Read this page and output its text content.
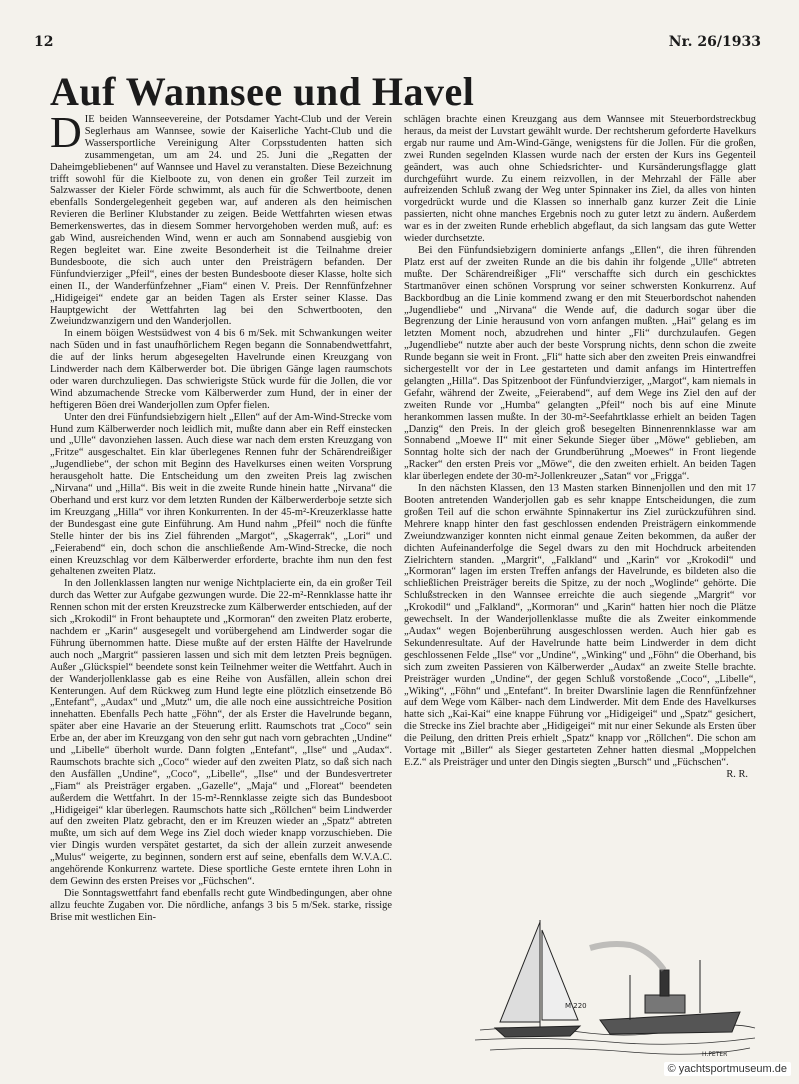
12	Nr. 26/1933
Auf Wannsee und Havel
D IE beiden Wannseevereine, der Potsdamer Yacht-Club und der Verein Seglerhaus am Wannsee, sowie der Kaiserliche Yacht-Club und die Wassersportliche Vereinigung Alter Corpsstudenten hatten sich zusammengetan, um am 24. und 25. Juni die „Regatten der Daheimgebliebenen“ auf Wannsee und Havel zu veranstalten. Diese Bezeichnung trifft sowohl für die Kielboote zu, von denen ein großer Teil zurzeit im Salzwasser der Kieler Förde schwimmt, als auch für die Schwertboote, denen ebenfalls Sondergelegenheit gegeben war, auf anderen als den heimischen Revieren die Berliner Klubstander zu zeigen. Beide Wettfahrten wiesen etwas Bemerkenswertes, das in diesem Sommer hervorgehoben werden muß, auf: es gab Wind, ausreichenden Wind, wenn er auch am Sonnabend ausgiebig von Regen begleitet war. Eine zweite Besonderheit ist die Teilnahme dreier Bundesboote, die sich auch unter den Preisträgern befanden. Der Fünfundvierziger „Pfeil“, eines der besten Bundesboote dieser Klasse, holte sich einen II., der Wanderfünfzehner „Fiam“ einen V. Preis. Der Rennfünfzehner „Hidigeigei“ endete gar an beiden Tagen als Erster seiner Klasse. Das Hauptgewicht der Wettfahrten lag bei den Schwertbooten, den Zweiundzwanzigern und den Wanderjollen.

In einem böigen Westsüdwest von 4 bis 6 m/Sek. mit Schwankungen weiter nach Süden und in fast unaufhörlichem Regen begann die Sonnabendwettfahrt, die auf der links herum abgesegelten Havelrunde einen Kreuzgang von Lindwerder nach dem Kälberwerder bot. Die übrigen Gänge lagen raumschots oder waren durchzuliegen. Das schwierigste Stück wurde für die Jollen, die vor Wind abzumachende Strecke vom Kälberwerder zum Hund, der in einer der heftigeren Böen drei Wanderjollen zum Opfer fielen.

Unter den drei Fünfundsiebzigern hielt „Ellen“ auf der Am-Wind-Strecke vom Hund zum Kälberwerder noch leidlich mit, mußte dann aber ein Reff einstecken und „Ulle“ davonziehen lassen. Auch diese war nach dem ersten Kreuzgang von „Fritze“ ausgeschaltet. Ein klar überlegenes Rennen fuhr der Schärendreißiger „Jugendliebe“, der schon mit Beginn des Havelkurses einen weiten Vorsprung herausgeholt hatte. Die Entscheidung um den zweiten Preis lag zwischen „Nirvana“ und „Hilla“. Bis weit in die zweite Runde hinein hatte „Nirvana“ die Oberhand und erst kurz vor dem letzten Runden der Kälberwerderboje setzte sich im Kreuzgang „Hilla“ vor ihren Konkurrenten. In der 45-m²-Kreuzerklasse hatte der Bundesgast eine gute Einführung. Am Hund nahm „Pfeil“ noch die fünfte Stelle hinter der bis ins Ziel führenden „Margot“, „Skagerrak“, „Lori“ und „Feierabend“ ein, doch schon die anschließende Am-Wind-Strecke, die noch einen Kreuzschlag vor dem Kälberwerder erforderte, brachte ihm nun den fest gehaltenen zweiten Platz.

In den Jollenklassen langten nur wenige Nichtplacierte ein, da ein großer Teil durch das Wetter zur Aufgabe gezwungen wurde. Die 22-m²-Rennklasse hatte ihr Rennen schon mit der ersten Kreuzstrecke zum Kälberwerder entschieden, auf der sich „Krokodil“ in Front behauptete und „Kormoran“ den zweiten Platz eroberte, nachdem er „Karin“ ausgesegelt und vorübergehend am Lindwerder sogar die Führung übernommen hatte. Diese mußte auf der ersten Hälfte der Havelrunde auch noch „Margrit“ passieren lassen und sich mit dem letzten Preis begnügen. Außer „Glückspiel“ beendete sonst kein Teilnehmer weiter die Wettfahrt. Auch in der Wanderjollenklasse gab es eine Reihe von Ausfällen, allein schon drei Kenterungen. Auf dem Rückweg zum Hund legte eine plötzlich einsetzende Bö „Entefant“, „Audax“ und „Mutz“ um, die alle noch eine aussichtreiche Position innehatten. Ebenfalls Pech hatte „Föhn“, der als Erster die Havelrunde begann, später aber eine Havarie an der Steuerung erlitt. Raumschots trat „Coco“ sein Erbe an, der aber im Kreuzgang von den sehr gut nach vorn gebrachten „Undine“ und „Libelle“ überholt wurde. Dann folgten „Entefant“, „Ilse“ und „Audax“. Raumschots brachte sich „Coco“ wieder auf den zweiten Platz, so daß sich nach den Ausfällen „Undine“, „Coco“, „Libelle“, „Ilse“ und der Bundesvertreter „Fiam“ als Preisträger ergaben. „Gazelle“, „Maja“ und „Floreat“ beendeten außerdem die Wettfahrt. In der 15-m²-Rennklasse zeigte sich das Bundesboot „Hidigeigei“ klar überlegen. Raumschots hatte sich „Röllchen“ beim Lindwerder auf den zweiten Platz gebracht, den er im Kreuzen wieder an „Spatz“ abtreten mußte, um sich auf dem Wege ins Ziel doch wieder knapp vorzuschieben. Die vier Dingis wurden verspätet gestartet, da sich der allein zurzeit anwesende „Mulus“ weigerte, zu beginnen, sondern erst auf seine, ebenfalls dem W.V.A.C. angehörende Konkurrenz wartete. Diese sportliche Geste erntete ihren Lohn in dem Gewinn des ersten Preises vor „Füchschen“.

Die Sonntagswettfahrt fand ebenfalls recht gute Windbedingungen, aber ohne allzu feuchte Zugaben vor. Die nördliche, anfangs 3 bis 5 m/Sek. starke, rissige Brise mit westlichen Ein-

schlägen brachte einen Kreuzgang aus dem Wannsee mit Steuerbordstreckbug heraus, da meist der Luvstart gewählt wurde. Der rechtsherum geforderte Havelkurs ergab nur raume und Am-Wind-Gänge, wenigstens für die Jollen. Für die großen, zwei Runden segelnden Klassen wurde nach der ersten der Kurs ins Gegenteil geändert, was auch ohne Schiedsrichter- und Kursänderungsflagge glatt durchgeführt wurde. Zu einem reizvollen, in der Mehrzahl der Fälle aber aufreizenden Schluß zwang der Weg unter Spinnaker ins Ziel, da alles von hinten vorgedrückt wurde und die Klassen so innerhalb ganz kurzer Zeit die Linie passierten, nicht ohne manches Ergebnis noch zu guter letzt zu ändern. Außerdem war es in der zweiten Runde erheblich abgeflaut, da sich langsam das gute Wetter wieder durchsetzte.

Bei den Fünfundsiebzigern dominierte anfangs „Ellen“, die ihren führenden Platz erst auf der zweiten Runde an die bis dahin ihr folgende „Ulle“ abtreten mußte. Der Schärendreißiger „Fli“ verschaffte sich durch ein geschicktes Startmanöver einen schönen Vorsprung vor seiner schwersten Konkurrenz. Auf Backbordbug an die Linie kommend zwang er den mit Steuerbordschot nahenden „Jugendliebe“ und „Nirvana“ die Wende auf, die dadurch sogar über die Begrenzung der Linie herausund von vorn anfangen mußten. „Hai“ gelang es im letzten Moment noch, abzudrehen und hinter „Fli“ durchzulaufen. Gegen „Jugendliebe“ nutzte aber auch der beste Vorsprung nichts, denn schon die zweite Runde begann sie weit in Front. „Fli“ hatte sich aber den zweiten Preis einwandfrei sichergestellt vor der in Lee gestarteten und damit anfangs im Hintertreffen gelangten „Hilla“. Das Spitzenboot der Fünfundvierziger, „Margot“, kam niemals in Gefahr, während der Zweite, „Feierabend“, auf dem Wege ins Ziel den auf der zweiten Runde vor „Humba“ gelangten „Pfeil“ noch bis auf eine Minute herankommen lassen mußte. In der 30-m²-Seefahrtklasse erhielt an beiden Tagen „Danzig“ den Preis. In der gleich groß besegelten Binnenrennklasse war am Sonnabend „Moewe II“ mit einer Sekunde Sieger über „Möwe“ geblieben, am Sonntag holte sich der nach der Grundberührung „Moewes“ in Front liegende „Racker“ den ersten Preis vor „Möwe“, die den zweiten erhielt. An beiden Tagen klar überlegen endete der 30-m²-Jollenkreuzer „Satan“ vor „Frigga“.

In den nächsten Klassen, den 13 Masten starken Binnenjollen und den mit 17 Booten antretenden Wanderjollen gab es sehr knappe Entscheidungen, die zum großen Teil auf die schon erwähnte Spinnakertur ins Ziel zurückzuführen sind. Mehrere knapp hinter den fast geschlossen endenden Preisträgern einkommende Zweiundzwanziger konnten nicht einmal genaue Zeiten bekommen, da außer der dichten Aufeinanderfolge die Segel dwars zu den mit Hochdruck arbeitenden Zielrichtern standen. „Margrit“, „Falkland“ und „Karin“ vor „Krokodil“ und „Kormoran“ lagen im ersten Treffen anfangs der Havelrunde, es bildeten also die schließlichen Preisträger bereits die Spitze, zu der noch „Woglinde“ gehörte. Die Schlußstrecken in den Wannsee erreichte die auch siegende „Margrit“ vor „Krokodil“ und „Falkland“, „Kormoran“ und „Karin“ hatten hier noch die Plätze gewechselt. In der Wanderjollenklasse mußte die als Zweiter einkommende „Audax“ wegen Bojenberührung ausgeschlossen werden. Auch hier gab es Sekundenresultate. Auf der Havelrunde hatte beim Lindwerder in dem dicht geschlossenen Felde „Ilse“ vor „Undine“, „Winking“ und „Föhn“ die Oberhand, bis sich zum zweiten Passieren von Kälberwerder „Audax“ an zweite Stelle brachte. Preisträger wurden „Undine“, der gegen Schluß vorstoßende „Coco“, „Libelle“, „Wiking“, „Föhn“ und „Entefant“. In breiter Dwarslinie lagen die Rennfünfzehner auf dem Wege vom Kälber- nach dem Lindwerder. Mit dem Ende des Havelkurses hatte sich „Kai-Kai“ eine knappe Führung vor „Hidigeigei“ und „Spatz“ gesichert, die Strecke ins Ziel brachte aber „Hidigeigei“ mit nur einer Sekunde als Ersten über die Peilung, den dritten Preis erhielt „Spatz“ knapp vor „Röllchen“. Die schon am Vortage mit „Biller“ als Sieger gestarteten Zehner hatten diesmal „Moppelchen E.Z.“ als Preisträger und unter den Dingis siegten „Bursch“ und „Füchschen“.

R. R.
M 220
H.PETER
© yachtsportmuseum.de
